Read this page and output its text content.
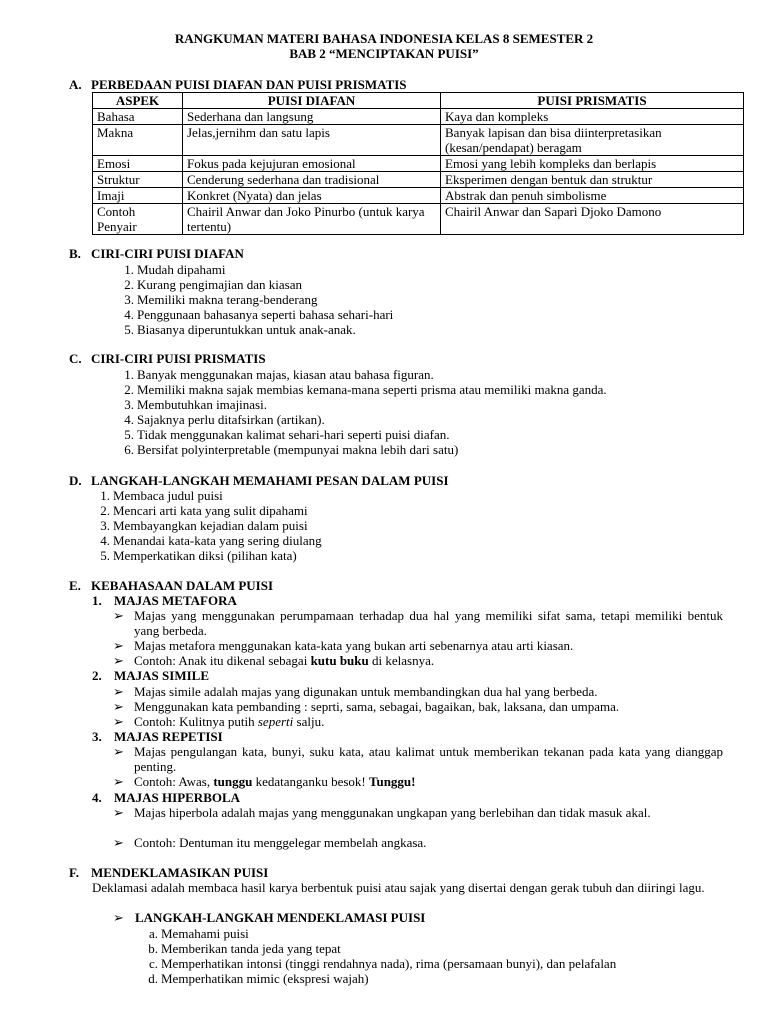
RANGKUMAN MATERI BAHASA INDONESIA KELAS 8 SEMESTER 2
BAB 2 “MENCIPTAKAN PUISI”
A. PERBEDAAN PUISI DIAFAN DAN PUISI PRISMATIS
ASPEK	PUISI DIAFAN	PUISI PRISMATIS
Bahasa	Sederhana dan langsung	Kaya dan kompleks
Makna	Jelas,jernihm dan satu lapis	Banyak lapisan dan bisa diinterpretasikan (kesan/pendapat) beragam
Emosi	Fokus pada kejujuran emosional	Emosi yang lebih kompleks dan berlapis
Struktur	Cenderung sederhana dan tradisional	Eksperimen dengan bentuk dan struktur
Imaji	Konkret (Nyata) dan jelas	Abstrak dan penuh simbolisme
Contoh Penyair	Chairil Anwar dan Joko Pinurbo (untuk karya tertentu)	Chairil Anwar dan Sapari Djoko Damono
B. CIRI-CIRI PUISI DIAFAN
1. Mudah dipahami
2. Kurang pengimajian dan kiasan
3. Memiliki makna terang-benderang
4. Penggunaan bahasanya seperti bahasa sehari-hari
5. Biasanya diperuntukkan untuk anak-anak.
C. CIRI-CIRI PUISI PRISMATIS
1. Banyak menggunakan majas, kiasan atau bahasa figuran.
2. Memiliki makna sajak membias kemana-mana seperti prisma atau memiliki makna ganda.
3. Membutuhkan imajinasi.
4. Sajaknya perlu ditafsirkan (artikan).
5. Tidak menggunakan kalimat sehari-hari seperti puisi diafan.
6. Bersifat polyinterpretable (mempunyai makna lebih dari satu)
D. LANGKAH-LANGKAH MEMAHAMI PESAN DALAM PUISI
1. Membaca judul puisi
2. Mencari arti kata yang sulit dipahami
3. Membayangkan kejadian dalam puisi
4. Menandai kata-kata yang sering diulang
5. Memperkatikan diksi (pilihan kata)
E. KEBAHASAAN DALAM PUISI
1. MAJAS METAFORA
➢ Majas yang menggunakan perumpamaan terhadap dua hal yang memiliki sifat sama, tetapi memiliki bentuk yang berbeda.
➢ Majas metafora menggunakan kata-kata yang bukan arti sebenarnya atau arti kiasan.
➢ Contoh: Anak itu dikenal sebagai kutu buku di kelasnya.
2. MAJAS SIMILE
➢ Majas simile adalah majas yang digunakan untuk membandingkan dua hal yang berbeda.
➢ Menggunakan kata pembanding : seprti, sama, sebagai, bagaikan, bak, laksana, dan umpama.
➢ Contoh: Kulitnya putih seperti salju.
3. MAJAS REPETISI
➢ Majas pengulangan kata, bunyi, suku kata, atau kalimat untuk memberikan tekanan pada kata yang dianggap penting.
➢ Contoh: Awas, tunggu kedatanganku besok! Tunggu!
4. MAJAS HIPERBOLA
➢ Majas hiperbola adalah majas yang menggunakan ungkapan yang berlebihan dan tidak masuk akal.
➢ Contoh: Dentuman itu menggelegar membelah angkasa.
F. MENDEKLAMASIKAN PUISI
Deklamasi adalah membaca hasil karya berbentuk puisi atau sajak yang disertai dengan gerak tubuh dan diiringi lagu.
➢ LANGKAH-LANGKAH MENDEKLAMASI PUISI
a. Memahami puisi
b. Memberikan tanda jeda yang tepat
c. Memperhatikan intonsi (tinggi rendahnya nada), rima (persamaan bunyi), dan pelafalan
d. Memperhatikan mimic (ekspresi wajah)
